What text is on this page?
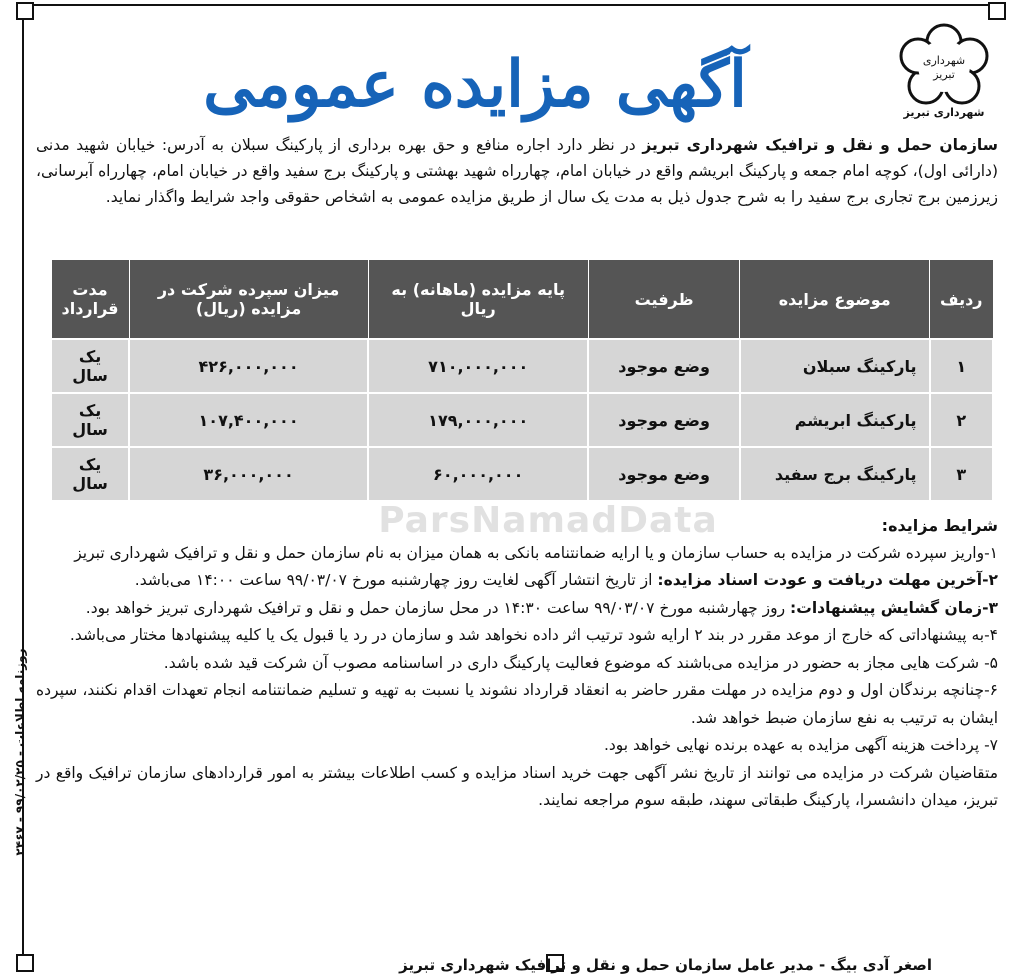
شهرداری
تبریز
شهرداری تبریز
آگهی مزایده عمومی
روزنامه اطلاعات - ۹۹/۰۲/۲۵ - ۲۴۶۷
سازمان حمل و نقل و ترافیک شهرداری تبریز در نظر دارد اجاره منافع و حق بهره برداری از پارکینگ سبلان به آدرس: خیابان شهید مدنی (دارائی اول)، کوچه امام جمعه و پارکینگ ابریشم واقع در خیابان امام، چهارراه شهید بهشتی و پارکینگ برج سفید واقع در خیابان امام، چهارراه آبرسانی، زیرزمین برج تجاری برج سفید را به شرح جدول ذیل به مدت یک سال از طریق مزایده عمومی به اشخاص حقوقی واجد شرایط واگذار نماید.
ردیف	موضوع مزایده	ظرفیت	پایه مزایده (ماهانه) به ریال	میزان سپرده شرکت در مزایده (ریال)	مدت قرارداد
۱	پارکینگ سبلان	وضع موجود	۷۱۰,۰۰۰,۰۰۰	۴۲۶,۰۰۰,۰۰۰	یک سال
۲	پارکینگ ابریشم	وضع موجود	۱۷۹,۰۰۰,۰۰۰	۱۰۷,۴۰۰,۰۰۰	یک سال
۳	پارکینگ برج سفید	وضع موجود	۶۰,۰۰۰,۰۰۰	۳۶,۰۰۰,۰۰۰	یک سال
ParsNamadData	شرایط مزایده:

۱-واریز سپرده شرکت در مزایده به حساب سازمان و یا ارایه ضمانتنامه بانکی به همان میزان به نام سازمان حمل و نقل و ترافیک شهرداری تبریز

۲-آخرین مهلت دریافت و عودت اسناد مزایده: از تاریخ انتشار آگهی لغایت روز چهارشنبه مورخ ۹۹/۰۳/۰۷ ساعت ۱۴:۰۰ می‌باشد.

۳-زمان گشایش پیشنهادات: روز چهارشنبه مورخ ۹۹/۰۳/۰۷ ساعت ۱۴:۳۰ در محل سازمان حمل و نقل و ترافیک شهرداری تبریز خواهد بود.

۴-به پیشنهاداتی که خارج از موعد مقرر در بند ۲ ارایه شود ترتیب اثر داده نخواهد شد و سازمان در رد یا قبول یک یا کلیه پیشنهادها مختار می‌باشد.

۵- شرکت هایی مجاز به حضور در مزایده می‌باشند که موضوع فعالیت پارکینگ داری در اساسنامه مصوب آن شرکت قید شده باشد.

۶-چنانچه برندگان اول و دوم مزایده در مهلت مقرر حاضر به انعقاد قرارداد نشوند یا نسبت به تهیه و تسلیم ضمانتنامه انجام تعهدات اقدام نکنند، سپرده ایشان به ترتیب به نفع سازمان ضبط خواهد شد.

۷- پرداخت هزینه آگهی مزایده به عهده برنده نهایی خواهد بود.

متقاضیان شرکت در مزایده می توانند از تاریخ نشر آگهی جهت خرید اسناد مزایده و کسب اطلاعات بیشتر به امور قراردادهای سازمان ترافیک واقع در تبریز، میدان دانشسرا، پارکینگ طبقاتی سهند، طبقه سوم مراجعه نمایند.

اصغر آدی بیگ - مدیر عامل سازمان حمل و نقل و ترافیک شهرداری تبریز
